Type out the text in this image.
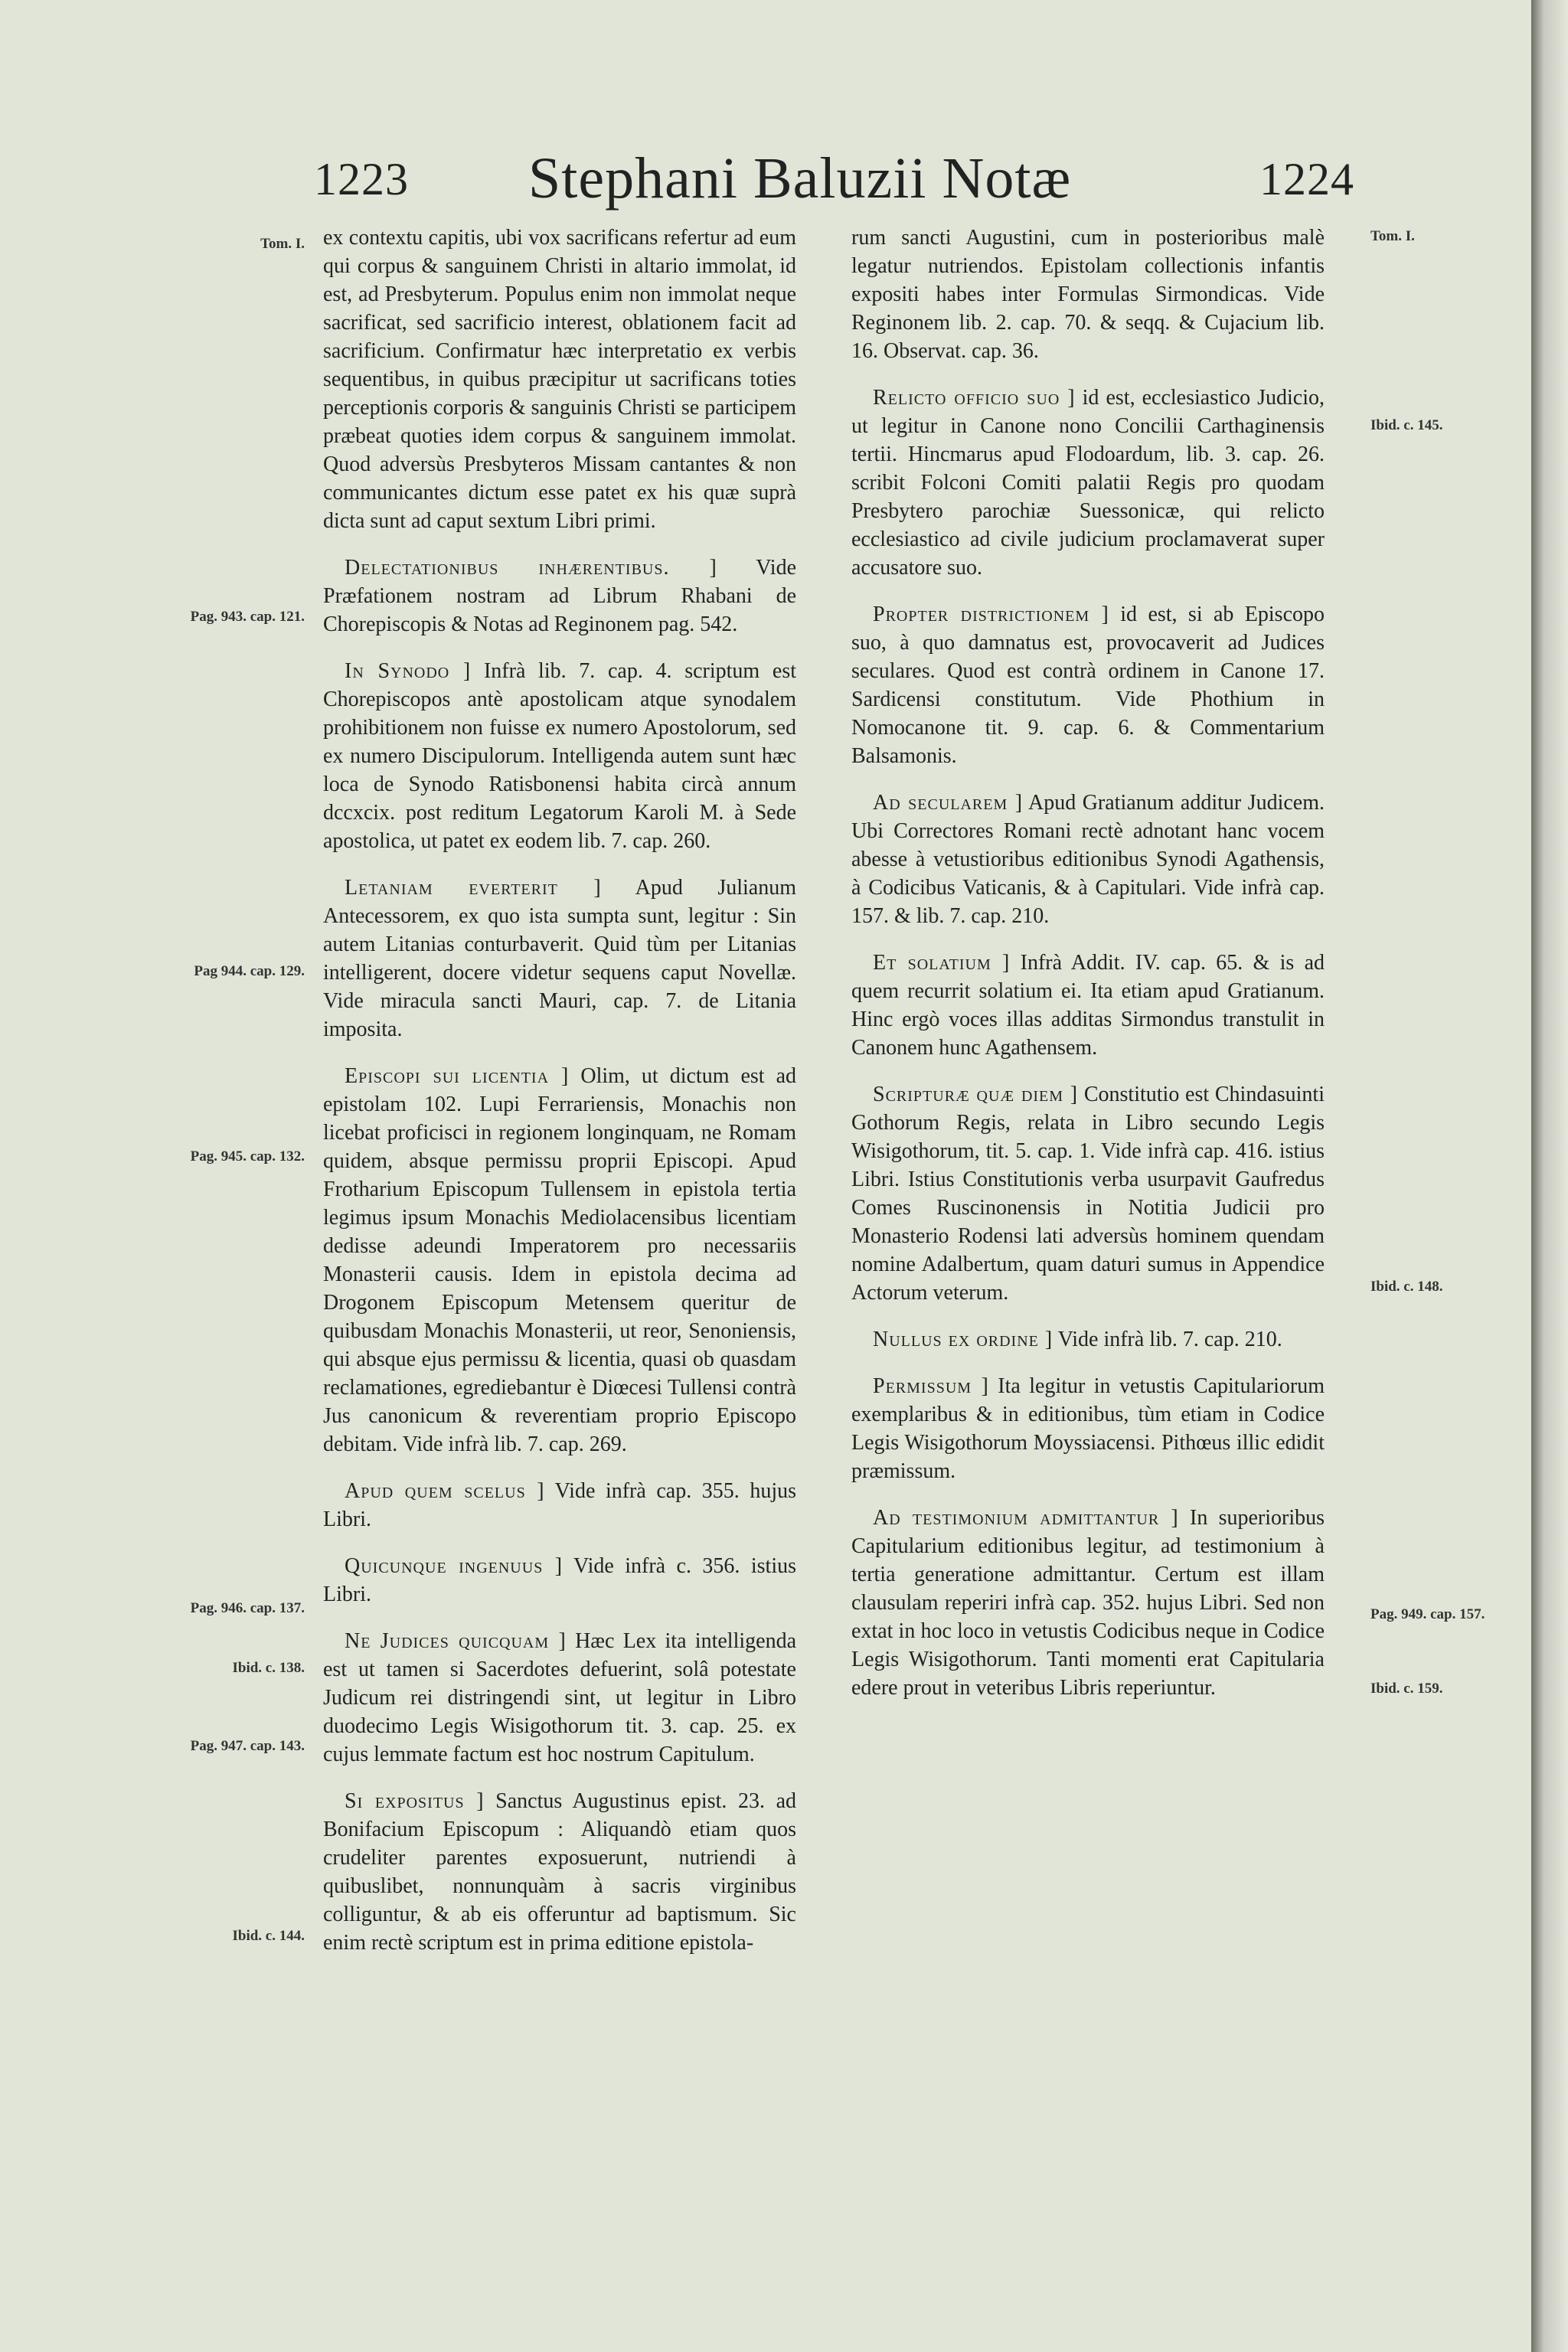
1223 Stephani Baluzii Notæ	1224
Tom. I.
Pag. 943. cap. 121.
Pag 944. cap. 129.
Pag. 945. cap. 132.
Pag. 946. cap. 137.
Ibid. c. 138.
Pag. 947. cap. 143.
Ibid. c. 144.
Tom. I.
Ibid. c. 145.
Ibid. c. 148.
Pag. 949. cap. 157.
Ibid. c. 159.

ex contextu capitis, ubi vox sacrificans refertur ad eum qui corpus & sanguinem Christi in altario immolat, id est, ad Presbyterum. Populus enim non immolat neque sacrificat, sed sacrificio interest, oblationem facit ad sacrificium. Confirmatur hæc interpretatio ex verbis sequentibus, in quibus præcipitur ut sacrificans toties perceptionis corporis & sanguinis Christi se participem præbeat quoties idem corpus & sanguinem immolat. Quod adversùs Presbyteros Missam cantantes & non communicantes dictum esse patet ex his quæ suprà dicta sunt ad caput sextum Libri primi.

Delectationibus inhærentibus. ] Vide Præfationem nostram ad Librum Rhabani de Chorepiscopis & Notas ad Reginonem pag. 542.

In Synodo ] Infrà lib. 7. cap. 4. scriptum est Chorepiscopos antè apostolicam atque synodalem prohibitionem non fuisse ex numero Apostolorum, sed ex numero Discipulorum. Intelligenda autem sunt hæc loca de Synodo Ratisbonensi habita circà annum dccxcix. post reditum Legatorum Karoli M. à Sede apostolica, ut patet ex eodem lib. 7. cap. 260.

Letaniam everterit ] Apud Julianum Antecessorem, ex quo ista sumpta sunt, legitur : Sin autem Litanias conturbaverit. Quid tùm per Litanias intelligerent, docere videtur sequens caput Novellæ. Vide miracula sancti Mauri, cap. 7. de Litania imposita.

Episcopi sui licentia ] Olim, ut dictum est ad epistolam 102. Lupi Ferrariensis, Monachis non licebat proficisci in regionem longinquam, ne Romam quidem, absque permissu proprii Episcopi. Apud Frotharium Episcopum Tullensem in epistola tertia legimus ipsum Monachis Mediolacensibus licentiam dedisse adeundi Imperatorem pro necessariis Monasterii causis. Idem in epistola decima ad Drogonem Episcopum Metensem queritur de quibusdam Monachis Monasterii, ut reor, Senoniensis, qui absque ejus permissu & licentia, quasi ob quasdam reclamationes, egrediebantur è Diœcesi Tullensi contrà Jus canonicum & reverentiam proprio Episcopo debitam. Vide infrà lib. 7. cap. 269.

Apud quem scelus ] Vide infrà cap. 355. hujus Libri.

Quicunque ingenuus ] Vide infrà c. 356. istius Libri.

Ne Judices quicquam ] Hæc Lex ita intelligenda est ut tamen si Sacerdotes defuerint, solâ potestate Judicum rei distringendi sint, ut legitur in Libro duodecimo Legis Wisigothorum tit. 3. cap. 25. ex cujus lemmate factum est hoc nostrum Capitulum.

Si expositus ] Sanctus Augustinus epist. 23. ad Bonifacium Episcopum : Aliquandò etiam quos crudeliter parentes exposuerunt, nutriendi à quibuslibet, nonnunquàm à sacris virginibus colliguntur, & ab eis offeruntur ad baptismum. Sic enim rectè scriptum est in prima editione epistola-

rum sancti Augustini, cum in posterioribus malè legatur nutriendos. Epistolam collectionis infantis expositi habes inter Formulas Sirmondicas. Vide Reginonem lib. 2. cap. 70. & seqq. & Cujacium lib. 16. Observat. cap. 36.

Relicto officio suo ] id est, ecclesiastico Judicio, ut legitur in Canone nono Concilii Carthaginensis tertii. Hincmarus apud Flodoardum, lib. 3. cap. 26. scribit Folconi Comiti palatii Regis pro quodam Presbytero parochiæ Suessonicæ, qui relicto ecclesiastico ad civile judicium proclamaverat super accusatore suo.

Propter districtionem ] id est, si ab Episcopo suo, à quo damnatus est, provocaverit ad Judices seculares. Quod est contrà ordinem in Canone 17. Sardicensi constitutum. Vide Phothium in Nomocanone tit. 9. cap. 6. & Commentarium Balsamonis.

Ad secularem ] Apud Gratianum additur Judicem. Ubi Correctores Romani rectè adnotant hanc vocem abesse à vetustioribus editionibus Synodi Agathensis, à Codicibus Vaticanis, & à Capitulari. Vide infrà cap. 157. & lib. 7. cap. 210.

Et solatium ] Infrà Addit. IV. cap. 65. & is ad quem recurrit solatium ei. Ita etiam apud Gratianum. Hinc ergò voces illas additas Sirmondus transtulit in Canonem hunc Agathensem.

Scripturæ quæ diem ] Constitutio est Chindasuinti Gothorum Regis, relata in Libro secundo Legis Wisigothorum, tit. 5. cap. 1. Vide infrà cap. 416. istius Libri. Istius Constitutionis verba usurpavit Gaufredus Comes Ruscinonensis in Notitia Judicii pro Monasterio Rodensi lati adversùs hominem quendam nomine Adalbertum, quam daturi sumus in Appendice Actorum veterum.

Nullus ex ordine ] Vide infrà lib. 7. cap. 210.

Permissum ] Ita legitur in vetustis Capitulariorum exemplaribus & in editionibus, tùm etiam in Codice Legis Wisigothorum Moyssiacensi. Pithœus illic edidit præmissum.

Ad testimonium admittantur ] In superioribus Capitularium editionibus legitur, ad testimonium à tertia generatione admittantur. Certum est illam clausulam reperiri infrà cap. 352. hujus Libri. Sed non extat in hoc loco in vetustis Codicibus neque in Codice Legis Wisigothorum. Tanti momenti erat Capitularia edere prout in veteribus Libris reperiuntur.
